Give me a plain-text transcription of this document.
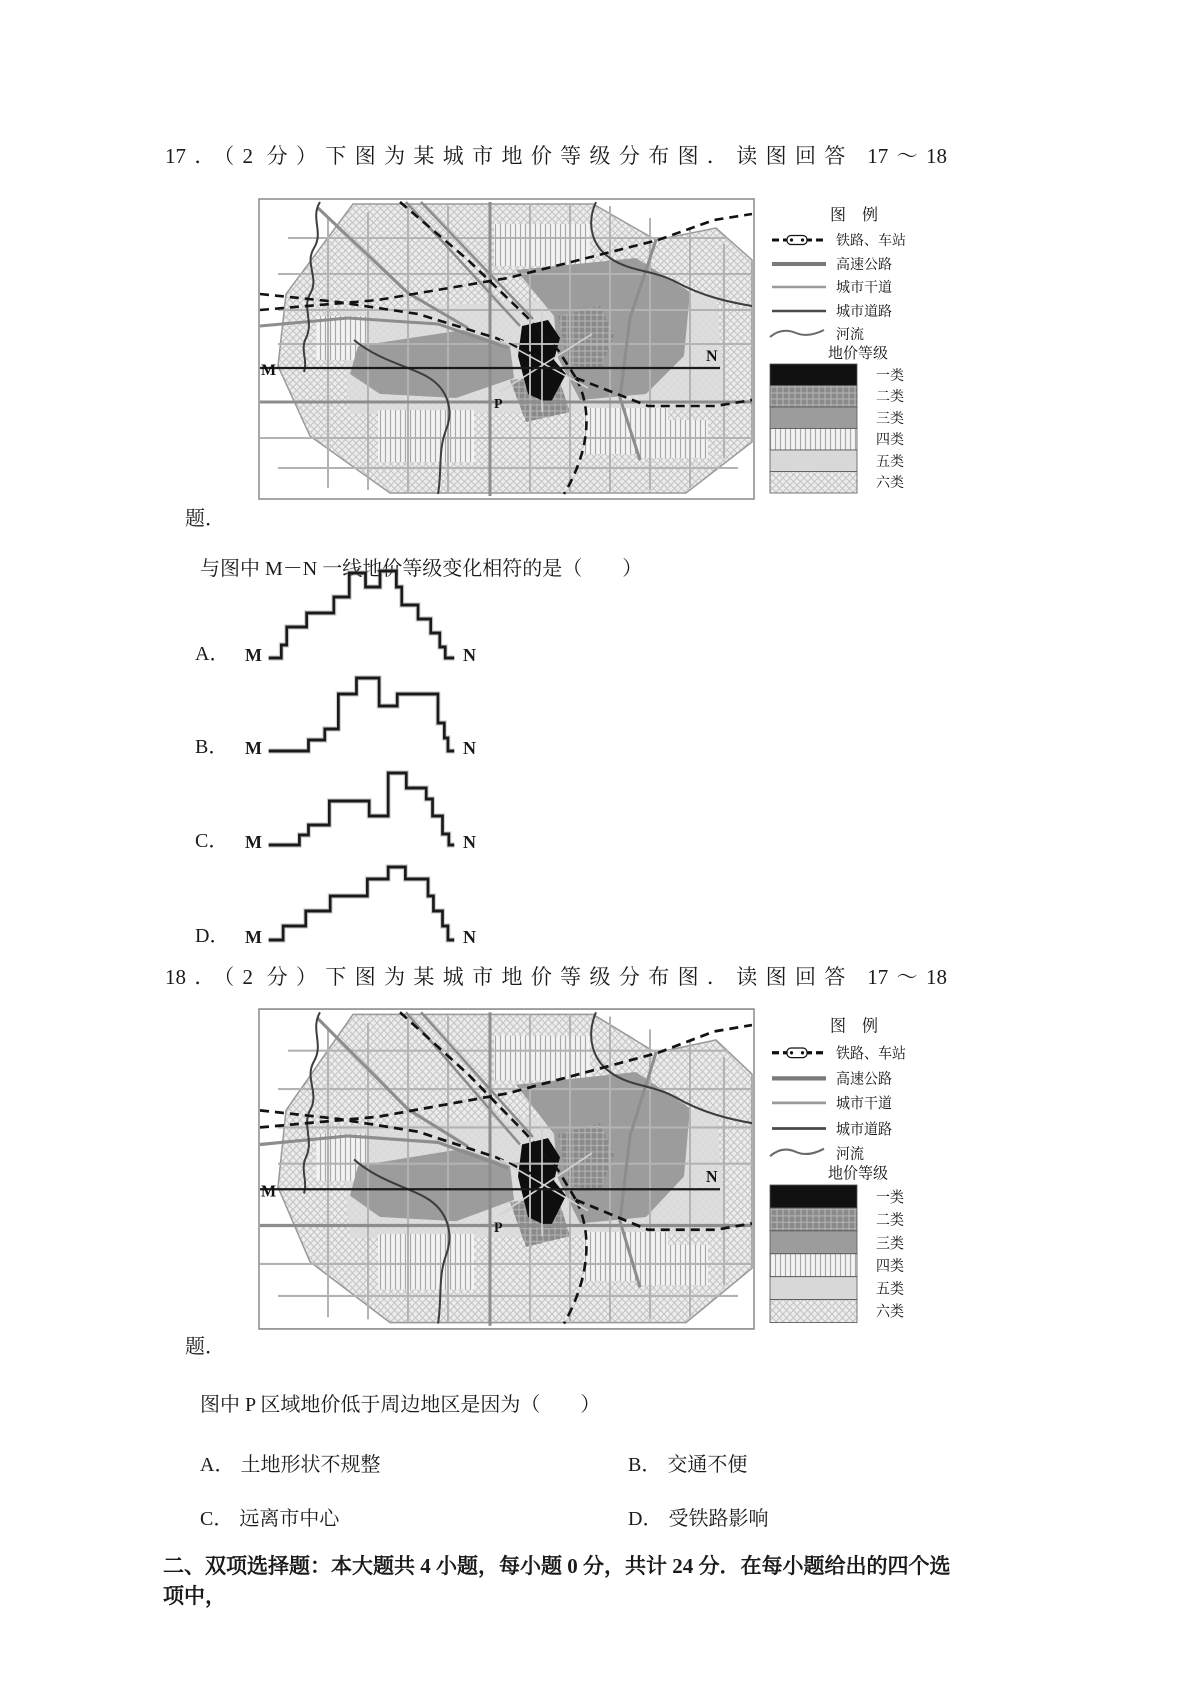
17．（2 分）下图为某城市地价等级分布图．读图回答 17～18
题．
与图中 M－N 一线地价等级变化相符的是（　　）
A． M	N
B． M	N
C． M	N
D． M	N
18．（2 分）下图为某城市地价等级分布图．读图回答 17～18
题．
图中 P 区域地价低于周边地区是因为（　　）
A． 土地形状不规整	B． 交通不便
C． 远离市中心	D． 受铁路影响
二、双项选择题：本大题共 4 小题，每小题 0 分，共计 24 分．在每小题给出的四个选项中，
